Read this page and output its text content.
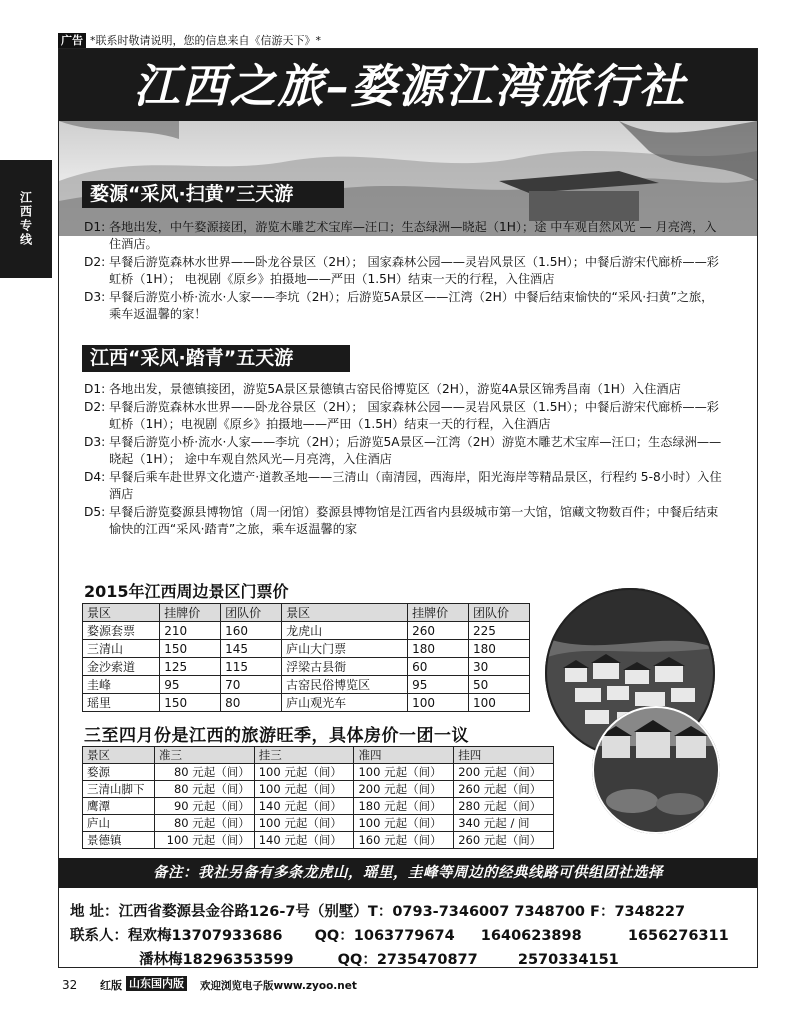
广告 *联系时敬请说明，您的信息来自《信游天下》*
江西专线
江西之旅–婺源江湾旅行社
婺源“采风·扫黄”三天游
D1: 各地出发，中午婺源接团，游览木雕艺术宝库—汪口；生态绿洲—晓起（1H）；途 中车观自然风光 — 月亮湾，入住酒店。
D2: 早餐后游览森林水世界——卧龙谷景区（2H）； 国家森林公园——灵岩风景区（1.5H）；中餐后游宋代廊桥——彩虹桥（1H）； 电视剧《原乡》拍摄地——严田（1.5H）结束一天的行程，入住酒店
D3: 早餐后游览小桥·流水·人家——李坑（2H）；后游览5A景区——江湾（2H）中餐后结束愉快的“采风·扫黄”之旅，乘车返温馨的家！
江西“采风·踏青”五天游
D1: 各地出发，景德镇接团，游览5A景区景德镇古窑民俗博览区（2H），游览4A景区锦秀昌南（1H）入住酒店
D2: 早餐后游览森林水世界——卧龙谷景区（2H）； 国家森林公园——灵岩风景区（1.5H）；中餐后游宋代廊桥——彩虹桥（1H）；电视剧《原乡》拍摄地——严田（1.5H）结束一天的行程，入住酒店
D3: 早餐后游览小桥·流水·人家——李坑（2H）；后游览5A景区—江湾（2H）游览木雕艺术宝库—汪口；生态绿洲——晓起（1H）； 途中车观自然风光—月亮湾，入住酒店
D4: 早餐后乘车赴世界文化遗产·道教圣地——三清山（南清园，西海岸，阳光海岸等精品景区，行程约 5-8小时）入住酒店
D5: 早餐后游览婺源县博物馆（周一闭馆）婺源县博物馆是江西省内县级城市第一大馆，馆藏文物数百件；中餐后结束愉快的江西“采风·踏青”之旅，乘车返温馨的家
2015年江西周边景区门票价
景区	挂牌价	团队价	景区	挂牌价	团队价
婺源套票	210	160	龙虎山	260	225
三清山	150	145	庐山大门票	180	180
金沙索道	125	115	浮梁古县衙	60	30
圭峰	95	70	古窑民俗博览区	95	50
瑶里	150	80	庐山观光车	100	100
三至四月份是江西的旅游旺季，具体房价一团一议
景区	准三	挂三	准四	挂四
婺源	80 元起（间）	100 元起（间）	100 元起（间）	200 元起（间）
三清山脚下	80 元起（间）	100 元起（间）	200 元起（间）	260 元起（间）
鹰潭	90 元起（间）	140 元起（间）	180 元起（间）	280 元起（间）
庐山	80 元起（间）	100 元起（间）	100 元起（间）	340 元起 / 间
景德镇	100 元起（间）	140 元起（间）	160 元起（间）	260 元起（间）
备注：我社另备有多条龙虎山，瑶里，圭峰等周边的经典线路可供组团社选择
地 址：江西省婺源县金谷路126-7号（别墅）T：0793-7346007 7348700 F：7348227
联系人：程欢梅13707933686 QQ：1063779674 1640623898	1656276311
潘林梅18296353599	QQ：2735470877	2570334151
32 红版 山东国内版 欢迎浏览电子版www.zyoo.net
